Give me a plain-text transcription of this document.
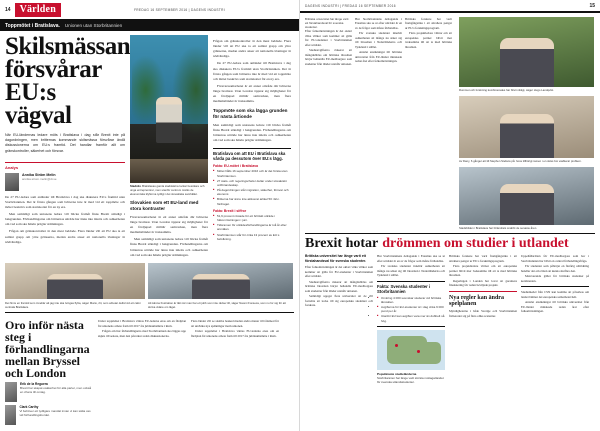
14 Världen	FREDAG 16 SEPTEMBER 2016 | DAGENS INDUSTRI
Toppmötet i Bratislava. Unionen utan Storbritannien
Skilsmässan
försvårar
EU:s vägval
När EU-ländernas ledare möts i Bratislava i dag står Brexit inte på dagordningen, men britternas kommande skilsmässa försvårar ändå diskussionerna om EU:s framtid. Det handlar framför allt om gränskontroller, säkerhet och försvar.
Analys
Annika Ström Melin
annika.strom.melin@di.se

De 27 EU-ledare som anländer till Bratislava i dag ska diskutera EU:s framtid utan Storbritannien. Det är första gången som britterna inte är med vid ett toppmöte och mötet beskrivs som startskottet för en ny era.

Men samtidigt som unionens ledare vill blicka framåt finns Brexit ständigt i bakgrunden. Förhandlingarna om britternas utträde har ännu inte inletts och osäkerheten om vad som ska hända präglar stämningen.

Frågan om gränskontroller är den mest laddade. Flera länder vill att EU ska ta ett samlat grepp om yttre gränserna, medan andra anser att nationella lösningar är nödvändiga.

Stadsliv. Bratislavas gamla stadskärna lockar besökare och unga entreprenörer, men utanför centrum märks de ekonomiska klyftorna tydligt i det slovakiska samhället.
Slovakien som ett EU-land med stora kontraster

Försvarssamarbetet är ett annat område där britterna länge bromsat. Utan London öppnar sig möjligheter för en fördjupad militär samverkan, men flera medlemsländer är tveksamma.

Men samtidigt som unionens ledare vill blicka framåt finns Brexit ständigt i bakgrunden. Förhandlingarna om britternas utträde har ännu inte inletts och osäkerheten om vad som ska hända präglar stämningen.

Frågan om gränskontroller är den mest laddade. Flera länder vill att EU ska ta ett samlat grepp om yttre gränserna, medan andra anser att nationella lösningar är nödvändiga.

De 27 EU-ledare som anländer till Bratislava i dag ska diskutera EU:s framtid utan Storbritannien. Det är första gången som britterna inte är med vid ett toppmöte och mötet beskrivs som startskottet för en ny era.

Försvarssamarbetet är ett annat område där britterna länge bromsat. Utan London öppnar sig möjligheter för en fördjupad militär samverkan, men flera medlemsländer är tveksamma.

Toppmöte som ska lägga grunden för nästa årtionde

Men samtidigt som unionens ledare vill blicka framåt finns Brexit ständigt i bakgrunden. Förhandlingarna om britternas utträde har ännu inte inletts och osäkerheten om vad som ska hända präglar stämningen.

Bratislava om att EU i Bratislava ska vårda pa dessutom över EU:s lägg.
Fakta: EU-mötet i Bratislava
■ Mötet hålls 16 september 2016 och är det första utan Storbritannien.
■ 27 stats- och regeringschefer deltar under slovakiskt ordförandeskap.
■ På dagordningen står migration, säkerhet, försvar och ekonomi.
■ Britterna har ännu inte aktiverat artikel 50 i EU-fördraget.
Fakta: Brexit i siffror
■ 51,9 procent röstade för ett brittiskt utträde i folkomröstningen i juni.
■ Tidsramen för utträdesförhandlingarna är två år efter anmälan.
■ Storbritannien står för cirka 13 procent av EU:s befolkning.
Det finns en framtid som innebär att jag inte ska tvingas flytta, säger Mario, 24, som arbetar deltid vid ett café i centrala Bratislava.
Att känna frustration är lätt när man har ett jobb som inte räcker till, säger Naomi Fonseca, som nu for sig för att skriva vidare om läget.
Oro inför nästa steg i förhandlingarna mellan Bryssel och London
Erik de la Reguera
Brexit har skapat osäkerhet för alla parter, men också en chans till omtag.
Clark Carthy
Vi behöver ett tydligare mandat innan vi kan sätta oss vid förhandlingsbordet.

Under toppmötet i Bratislava väntas EU-ledarna enas om en färdplan för unionens arbete fram till 2017 års jubileumsmöte i Rom.

Frågan om hur förhandlingarna med Storbritannien ska läggas upp skjuts till senare, men den påverkar redan diskussionerna.

Flera länder vill se snabba besked medan andra manar till tålamod för att undvika nya spänningar inom unionen.

Under toppmötet i Bratislava väntas EU-ledarna enas om en färdplan för unionens arbete fram till 2017 års jubileumsmöte i Rom.

DAGENS INDUSTRI | FREDAG 16 SEPTEMBER 2016	15
Brittiska universitet har länge varit ett förstahandsval för svenska studenter.

Efter folkomröstningen är det oklart vilka villkor som kommer att gälla för EU-studenter i Storbritannien efter utträdet.

Studieavgifterna riskerar att mångdubblas om brittiska lärosäten börjar behandla EU-medborgare som studenter från länder utanför unionen.

Hur Storbritanniens deltagande i Erasmus ska se ut efter utträdet är en av de frågor som måste förhandlas.

För svenska studenter innebär osäkerheten att många nu söker sig till lärosäten i Nederländerna och Tyskland i stället.

Antalet ansökningar till brittiska universitet från EU-länder minskade redan året efter folkomröstningen.

Brittiska forskare har varit framgångsrika i att attrahera pengar ur EU:s forskningsprogram.

Flera projektledare vittnar om att europeiska partner blivit mer tveksamma till att ta med brittiska lärosäten.

Rummet och forskning kombinerades har blivit viktigt, säger Hugo Landqvist.
Av Dany, 6 gånger att till Stephen Stefans på: hoss tillhörigt ramen i en skiss bor etablerar problem.
Stadsbilden i Bratislava har förändrats snabbt de senaste åren.
Brexit hotar drömmen om studier i utlandet
Brittiska universitet har länge varit ett förstahandsval för svenska studenter.

Efter folkomröstningen är det oklart vilka villkor som kommer att gälla för EU-studenter i Storbritannien efter utträdet.

Studieavgifterna riskerar att mångdubblas om brittiska lärosäten börjar behandla EU-medborgare som studenter från länder utanför unionen.

Samtidigt uppger flera universitet att de vill fortsätta att locka till sig europeiska studenter och forskare.

Hur Storbritanniens deltagande i Erasmus ska se ut efter utträdet är en av de frågor som måste förhandlas.

För svenska studenter innebär osäkerheten att många nu söker sig till lärosäten i Nederländerna och Tyskland i stället.

Fakta: Svenska studenter i Storbritannien
■ • Omkring 4 000 svenskar studerar vid brittiska lärosäten.
■ • Avgifterna för EU-studenter är i dag cirka 9 000 pund per år.
■ • Utanför EU kan avgiften vara mer än dubbelt så hög.
Populäraste studieländerna
Storbritannien har länge varit största mottagarlandet för svenska utlandsstudenter.

Brittiska forskare har varit framgångsrika i att attrahera pengar ur EU:s forskningsprogram.

Flera projektledare vittnar om att europeiska partner blivit mer tveksamma till att ta med brittiska lärosäten.

Regeringen i London har lovat att garantera finansiering för redan beviljade projekt.

Nya regler kan ändra spelplanen

Myndigheterna i både Sverige och Storbritannien förbereder sig på flera olika scenarier.

Uppehållsrätten för EU-medborgare som bor i Storbritannien har blivit en central förhandlingsfråga.

För studenter som påbörjat en flerårig utbildning handlar det om rätten att kunna slutföra den.

Motsvarande gäller för brittiska studenter på kontinenten.

Studiemedel från CSN kan komma att påverkas om landet lämnar det europeiska samarbetet helt.

Antalet ansökningar till brittiska universitet från EU-länder minskade redan året efter folkomröstningen.
